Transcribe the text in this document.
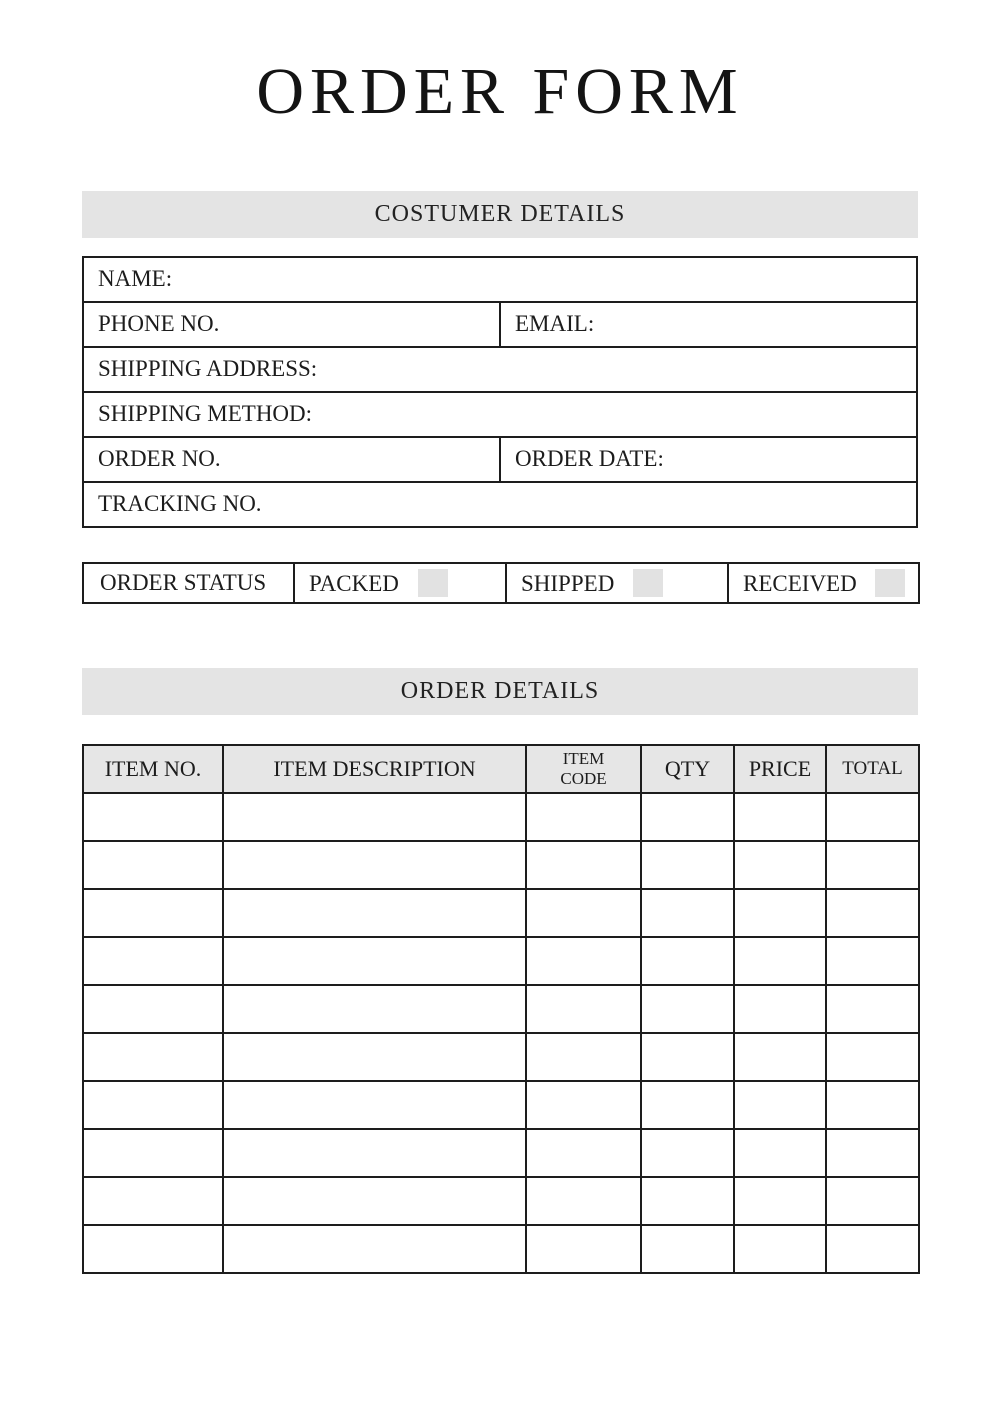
ORDER FORM
COSTUMER DETAILS
NAME:	
PHONE NO.	EMAIL:
SHIPPING ADDRESS:	
SHIPPING METHOD:	
ORDER NO.	ORDER DATE:
TRACKING NO.	
ORDER STATUS	PACKED	SHIPPED	RECEIVED
ORDER DETAILS
ITEM NO.	ITEM DESCRIPTION	ITEM CODE	QTY	PRICE	TOTAL
